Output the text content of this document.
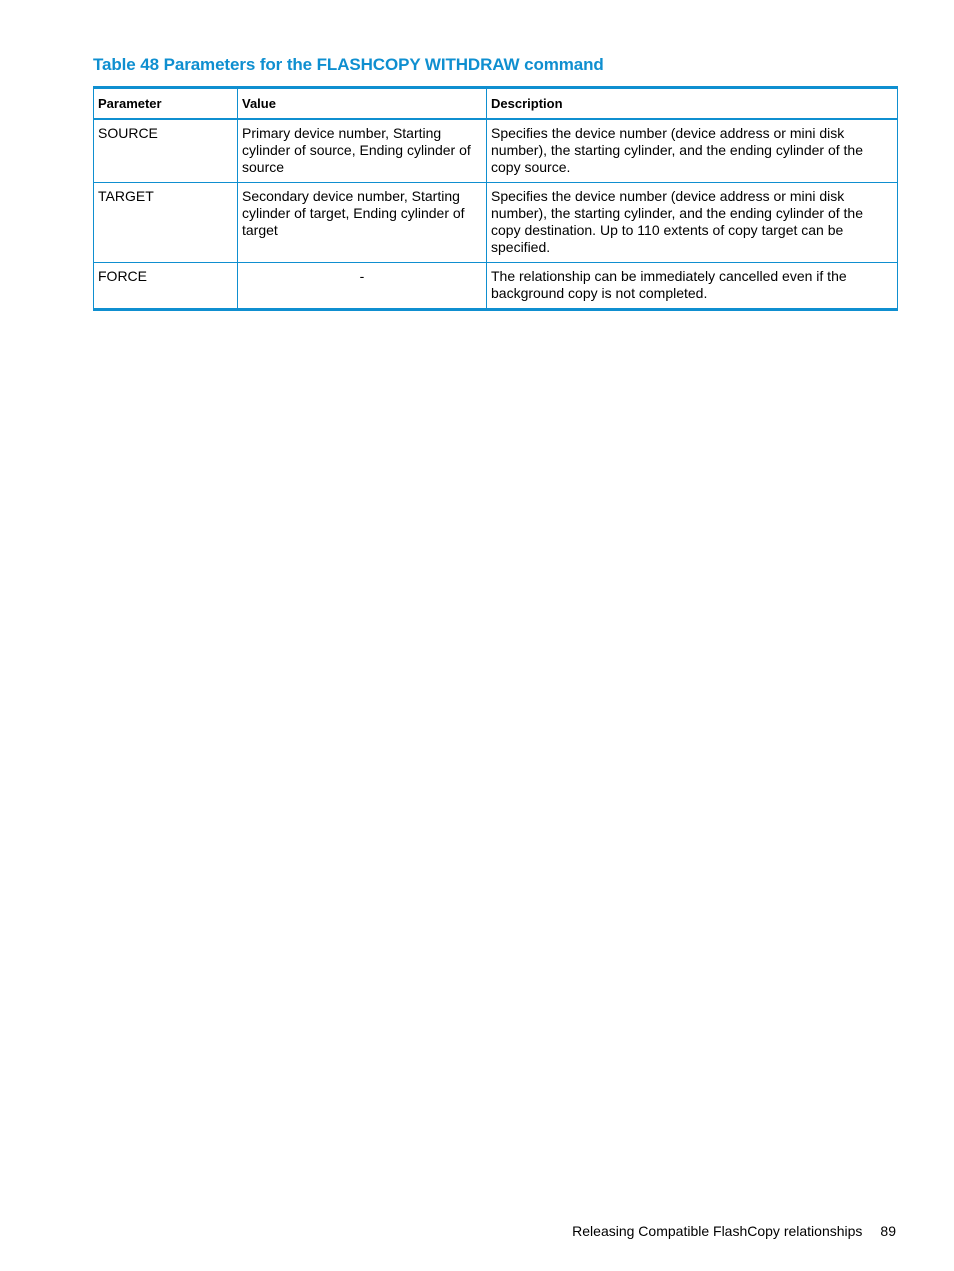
Table 48 Parameters for the FLASHCOPY WITHDRAW command
Parameter	Value	Description
SOURCE	Primary device number, Starting cylinder of source, Ending cylinder of source	Specifies the device number (device address or mini disk number), the starting cylinder, and the ending cylinder of the copy source.
TARGET	Secondary device number, Starting cylinder of target, Ending cylinder of target	Specifies the device number (device address or mini disk number), the starting cylinder, and the ending cylinder of the copy destination. Up to 110 extents of copy target can be specified.
FORCE	-	The relationship can be immediately cancelled even if the background copy is not completed.
Releasing Compatible FlashCopy relationships 89
